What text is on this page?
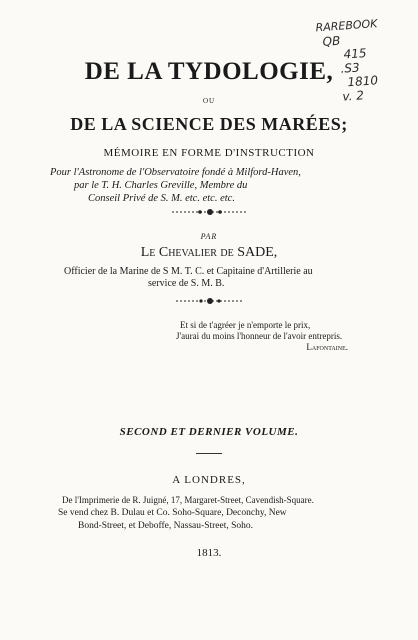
RAREBOOK
QB
415
.S3
1810
v. 2
DE LA TYDOLOGIE,
OU
DE LA SCIENCE DES MARÉES;
MÉMOIRE EN FORME D'INSTRUCTION
Pour l'Astronome de l'Observatoire fondé à Milford-Haven,
par le T. H. Charles Greville, Membre du
Conseil Privé de S. M. etc. etc. etc.
PAR
Le Chevalier de SADE,
Officier de la Marine de S M. T. C. et Capitaine d'Artillerie au
service de S. M. B.
Et si de t'agréer je n'emporte le prix,
J'aurai du moins l'honneur de l'avoir entrepris.
Lafontaine.
SECOND ET DERNIER VOLUME.
A LONDRES,
De l'Imprimerie de R. Juigné, 17, Margaret-Street, Cavendish-Square.
Se vend chez B. Dulau et Co. Soho-Square, Deconchy, New
Bond-Street, et Deboffe, Nassau-Street, Soho.
1813.
